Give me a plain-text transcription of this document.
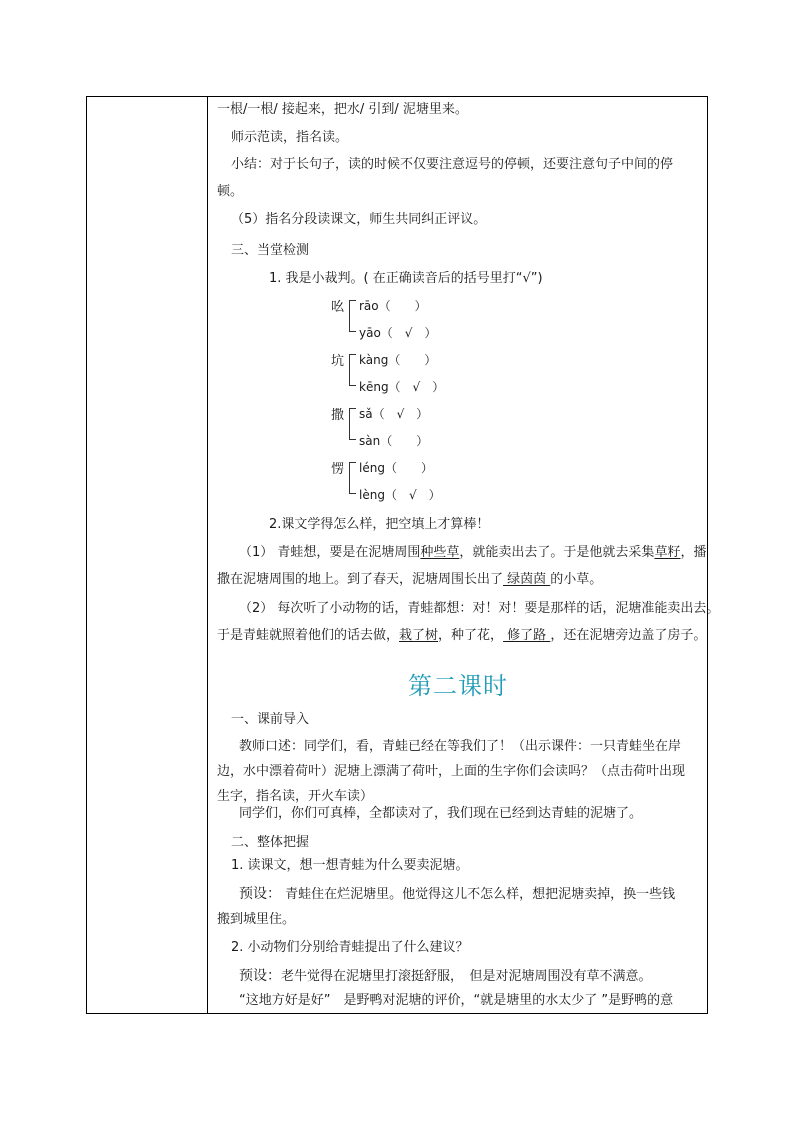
一根/一根/ 接起来，把水/ 引到/ 泥塘里来。
师示范读，指名读。
小结：对于长句子，读的时候不仅要注意逗号的停顿，还要注意句子中间的停
顿。
（5）指名分段读课文，师生共同纠正评议。
三、当堂检测
1. 我是小裁判。( 在正确读音后的括号里打“√”)
吆 rāo（　　）
yāo（　√　）
坑 kàng（　　）
kēng（　√　）
撒 sǎ（　√　）
sàn（　　）
愣 léng（　　）
lèng（　√　）
2.课文学得怎么样，把空填上才算棒！
（1） 青蛙想，要是在泥塘周围种些草，就能卖出去了。于是他就去采集草籽，播
撒在泥塘周围的地上。到了春天，泥塘周围长出了 绿茵茵 的小草。
（2） 每次听了小动物的话，青蛙都想：对！对！要是那样的话，泥塘准能卖出去。
于是青蛙就照着他们的话去做，栽了树，种了花， 修了路 ，还在泥塘旁边盖了房子。
第二课时
一、课前导入
教师口述：同学们，看，青蛙已经在等我们了！（出示课件：一只青蛙坐在岸
边，水中漂着荷叶）泥塘上漂满了荷叶，上面的生字你们会读吗？（点击荷叶出现
生字，指名读，开火车读）
同学们，你们可真棒，全都读对了，我们现在已经到达青蛙的泥塘了。
二、整体把握
1. 读课文，想一想青蛙为什么要卖泥塘。
预设： 青蛙住在烂泥塘里。他觉得这儿不怎么样，想把泥塘卖掉，换一些钱
搬到城里住。
2. 小动物们分别给青蛙提出了什么建议？
预设：老牛觉得在泥塘里打滚挺舒服，　但是对泥塘周围没有草不满意。
“这地方好是好”　是野鸭对泥塘的评价，“就是塘里的水太少了 ”是野鸭的意
